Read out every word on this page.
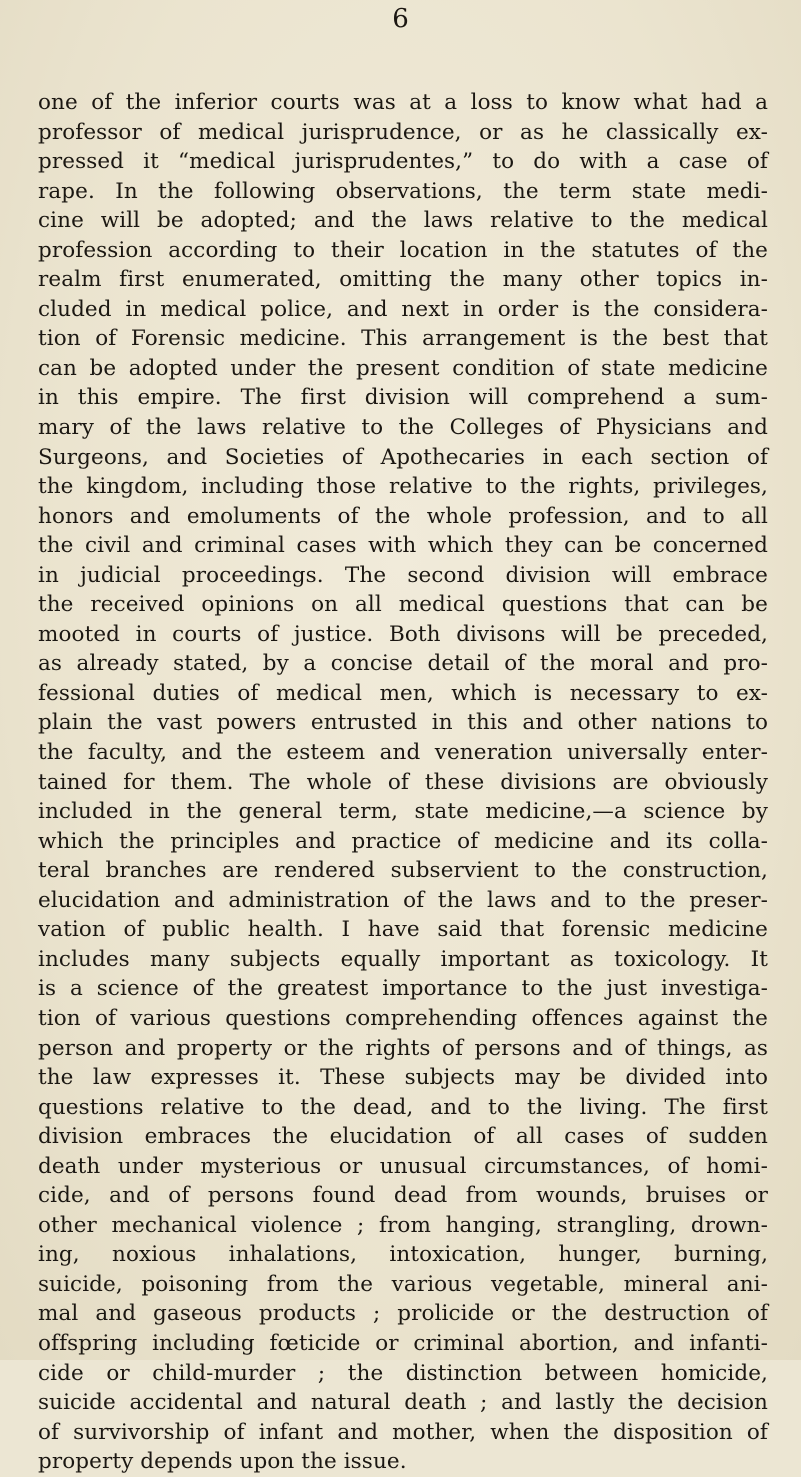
6
one of the inferior courts was at a loss to know what had a
professor of medical jurisprudence, or as he classically ex-
pressed it “medical jurisprudentes,” to do with a case of
rape. In the following observations, the term state medi-
cine will be adopted; and the laws relative to the medical
profession according to their location in the statutes of the
realm first enumerated, omitting the many other topics in-
cluded in medical police, and next in order is the considera-
tion of Forensic medicine. This arrangement is the best that
can be adopted under the present condition of state medicine
in this empire. The first division will comprehend a sum-
mary of the laws relative to the Colleges of Physicians and
Surgeons, and Societies of Apothecaries in each section of
the kingdom, including those relative to the rights, privileges,
honors and emoluments of the whole profession, and to all
the civil and criminal cases with which they can be concerned
in judicial proceedings. The second division will embrace
the received opinions on all medical questions that can be
mooted in courts of justice. Both divisons will be preceded,
as already stated, by a concise detail of the moral and pro-
fessional duties of medical men, which is necessary to ex-
plain the vast powers entrusted in this and other nations to
the faculty, and the esteem and veneration universally enter-
tained for them. The whole of these divisions are obviously
included in the general term, state medicine,—a science by
which the principles and practice of medicine and its colla-
teral branches are rendered subservient to the construction,
elucidation and administration of the laws and to the preser-
vation of public health. I have said that forensic medicine
includes many subjects equally important as toxicology. It
is a science of the greatest importance to the just investiga-
tion of various questions comprehending offences against the
person and property or the rights of persons and of things, as
the law expresses it. These subjects may be divided into
questions relative to the dead, and to the living. The first
division embraces the elucidation of all cases of sudden
death under mysterious or unusual circumstances, of homi-
cide, and of persons found dead from wounds, bruises or
other mechanical violence ; from hanging, strangling, drown-
ing, noxious inhalations, intoxication, hunger, burning,
suicide, poisoning from the various vegetable, mineral ani-
mal and gaseous products ; prolicide or the destruction of
offspring including fœticide or criminal abortion, and infanti-
cide or child-murder ; the distinction between homicide,
suicide accidental and natural death ; and lastly the decision
of survivorship of infant and mother, when the disposition of
property depends upon the issue.
